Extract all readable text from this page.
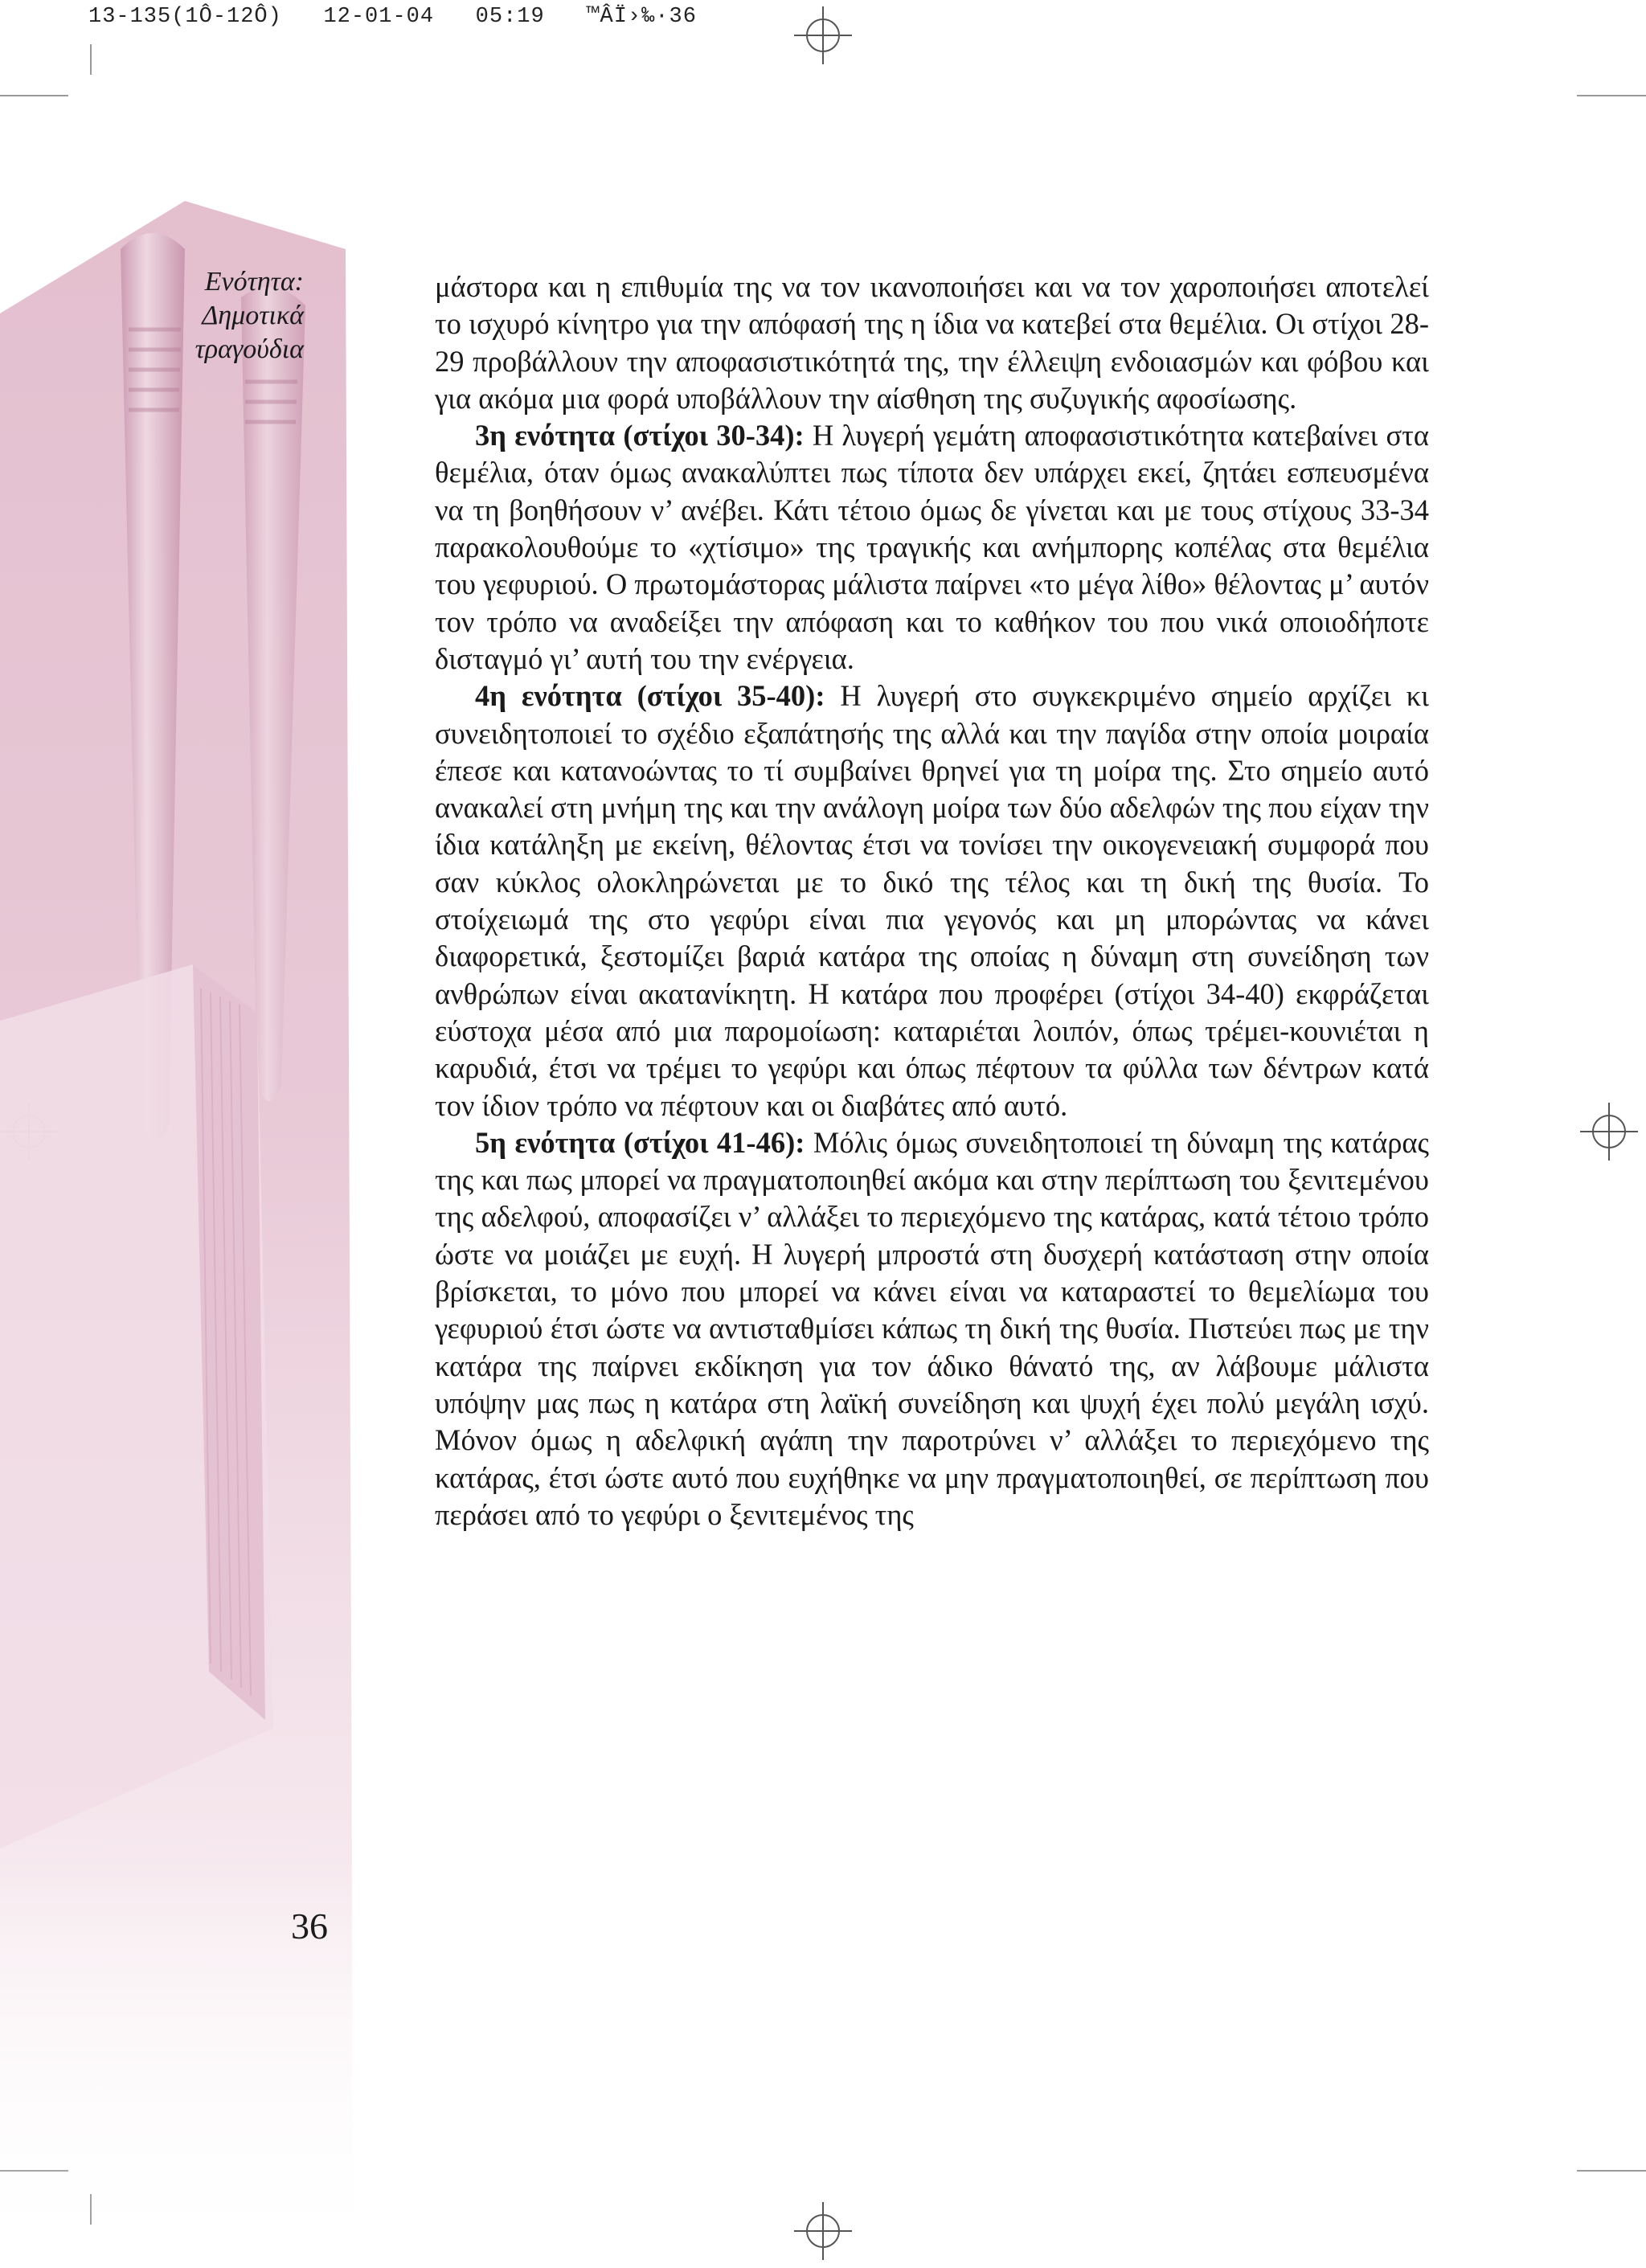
13-135(1Ô-12Ô)   12-01-04   05:19   ™ÂÏ›‰·36
Ενότητα:
Δημοτικά
τραγούδια
36

μάστορα και η επιθυμία της να τον ικανοποιήσει και να τον χαροποιήσει αποτελεί το ισχυρό κίνητρο για την απόφασή της η ίδια να κατεβεί στα θεμέλια. Οι στίχοι 28-29 προβάλλουν την αποφασιστικότητά της, την έλλειψη ενδοιασμών και φόβου και για ακόμα μια φορά υποβάλλουν την αίσθηση της συζυγικής αφοσίωσης.

3η ενότητα (στίχοι 30-34): Η λυγερή γεμάτη αποφασιστικότητα κατεβαίνει στα θεμέλια, όταν όμως ανακαλύπτει πως τίποτα δεν υπάρχει εκεί, ζητάει εσπευσμένα να τη βοηθήσουν ν’ ανέβει. Κάτι τέτοιο όμως δε γίνεται και με τους στίχους 33-34 παρακολουθούμε το «χτίσιμο» της τραγικής και ανήμπορης κοπέλας στα θεμέλια του γεφυριού. Ο πρωτομάστορας μάλιστα παίρνει «το μέγα λίθο» θέλοντας μ’ αυτόν τον τρόπο να αναδείξει την απόφαση και το καθήκον του που νικά οποιοδήποτε δισταγμό γι’ αυτή του την ενέργεια.

4η ενότητα (στίχοι 35-40): Η λυγερή στο συγκεκριμένο σημείο αρχίζει κι συνειδητοποιεί το σχέδιο εξαπάτησής της αλλά και την παγίδα στην οποία μοιραία έπεσε και κατανοώντας το τί συμβαίνει θρηνεί για τη μοίρα της. Στο σημείο αυτό ανακαλεί στη μνήμη της και την ανάλογη μοίρα των δύο αδελφών της που είχαν την ίδια κατάληξη με εκείνη, θέλοντας έτσι να τονίσει την οικογενειακή συμφορά που σαν κύκλος ολοκληρώνεται με το δικό της τέλος και τη δική της θυσία. Το στοίχειωμά της στο γεφύρι είναι πια γεγονός και μη μπορώντας να κάνει διαφορετικά, ξεστομίζει βαριά κατάρα της οποίας η δύναμη στη συνείδηση των ανθρώπων είναι ακατανίκητη. Η κατάρα που προφέρει (στίχοι 34-40) εκφράζεται εύστοχα μέσα από μια παρομοίωση: καταριέται λοιπόν, όπως τρέμει-κουνιέται η καρυδιά, έτσι να τρέμει το γεφύρι και όπως πέφτουν τα φύλλα των δέντρων κατά τον ίδιον τρόπο να πέφτουν και οι διαβάτες από αυτό.

5η ενότητα (στίχοι 41-46): Μόλις όμως συνειδητοποιεί τη δύναμη της κατάρας της και πως μπορεί να πραγματοποιηθεί ακόμα και στην περίπτωση του ξενιτεμένου της αδελφού, αποφασίζει ν’ αλλάξει το περιεχόμενο της κατάρας, κατά τέτοιο τρόπο ώστε να μοιάζει με ευχή. Η λυγερή μπροστά στη δυσχερή κατάσταση στην οποία βρίσκεται, το μόνο που μπορεί να κάνει είναι να καταραστεί το θεμελίωμα του γεφυριού έτσι ώστε να αντισταθμίσει κάπως τη δική της θυσία. Πιστεύει πως με την κατάρα της παίρνει εκδίκηση για τον άδικο θάνατό της, αν λάβουμε μάλιστα υπόψην μας πως η κατάρα στη λαϊκή συνείδηση και ψυχή έχει πολύ μεγάλη ισχύ. Μόνον όμως η αδελφική αγάπη την παροτρύνει ν’ αλλάξει το περιεχόμενο της κατάρας, έτσι ώστε αυτό που ευχήθηκε να μην πραγματοποιηθεί, σε περίπτωση που περάσει από το γεφύρι ο ξενιτεμένος της
